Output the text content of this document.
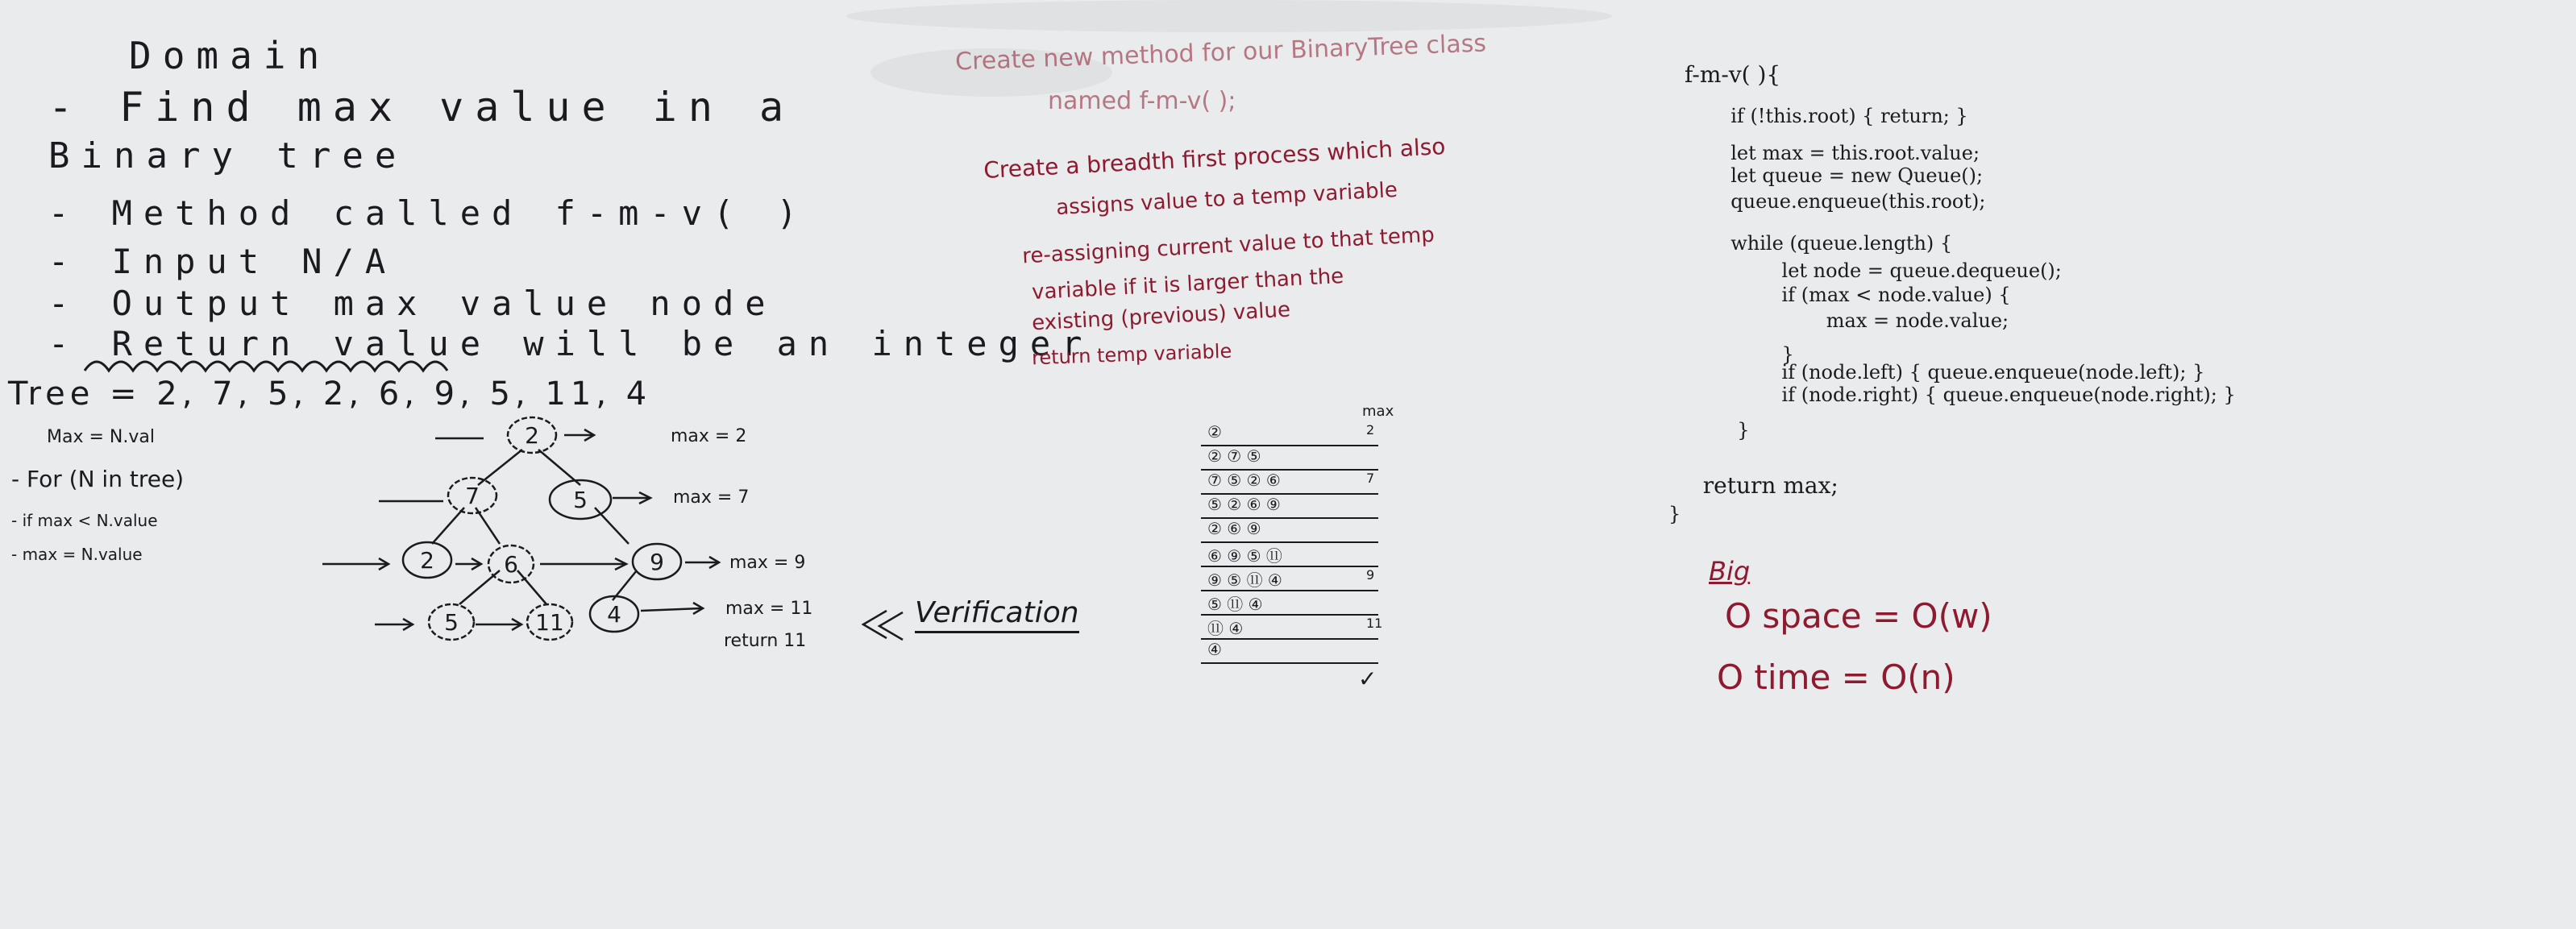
Domain
- Find max value in a
Binary tree
- Method called f-m-v( )
- Input N/A
- Output max value node
- Return value will be an integer
Tree = 2, 7, 5, 2, 6, 9, 5, 11, 4
Max = N.val
- For (N in tree)
- if max < N.value
- max = N.value
2
7	5
2	6	9
5	11 4
max = 2
max = 7
max = 9
max = 11
return 11
Verification
Create new method for our BinaryTree class
named f-m-v( );
Create a breadth first process which also
assigns value to a temp variable
re-assigning current value to that temp
variable if it is larger than the
existing (previous) value
return temp variable
max
②	2
② ⑦ ⑤
⑦ ⑤ ② ⑥	7
⑤ ② ⑥ ⑨
② ⑥ ⑨
⑥ ⑨ ⑤ ⑪
⑨ ⑤ ⑪ ④	9
⑤ ⑪ ④
⑪ ④	11
④
✓
f-m-v( ){
if (!this.root) { return; }
let max = this.root.value;
let queue = new Queue();
queue.enqueue(this.root);
while (queue.length) {
let node = queue.dequeue();
if (max < node.value) {
max = node.value;
}
if (node.left) { queue.enqueue(node.left); }
if (node.right) { queue.enqueue(node.right); }
}
return max;
}
Big
O space = O(w)
O time = O(n)
